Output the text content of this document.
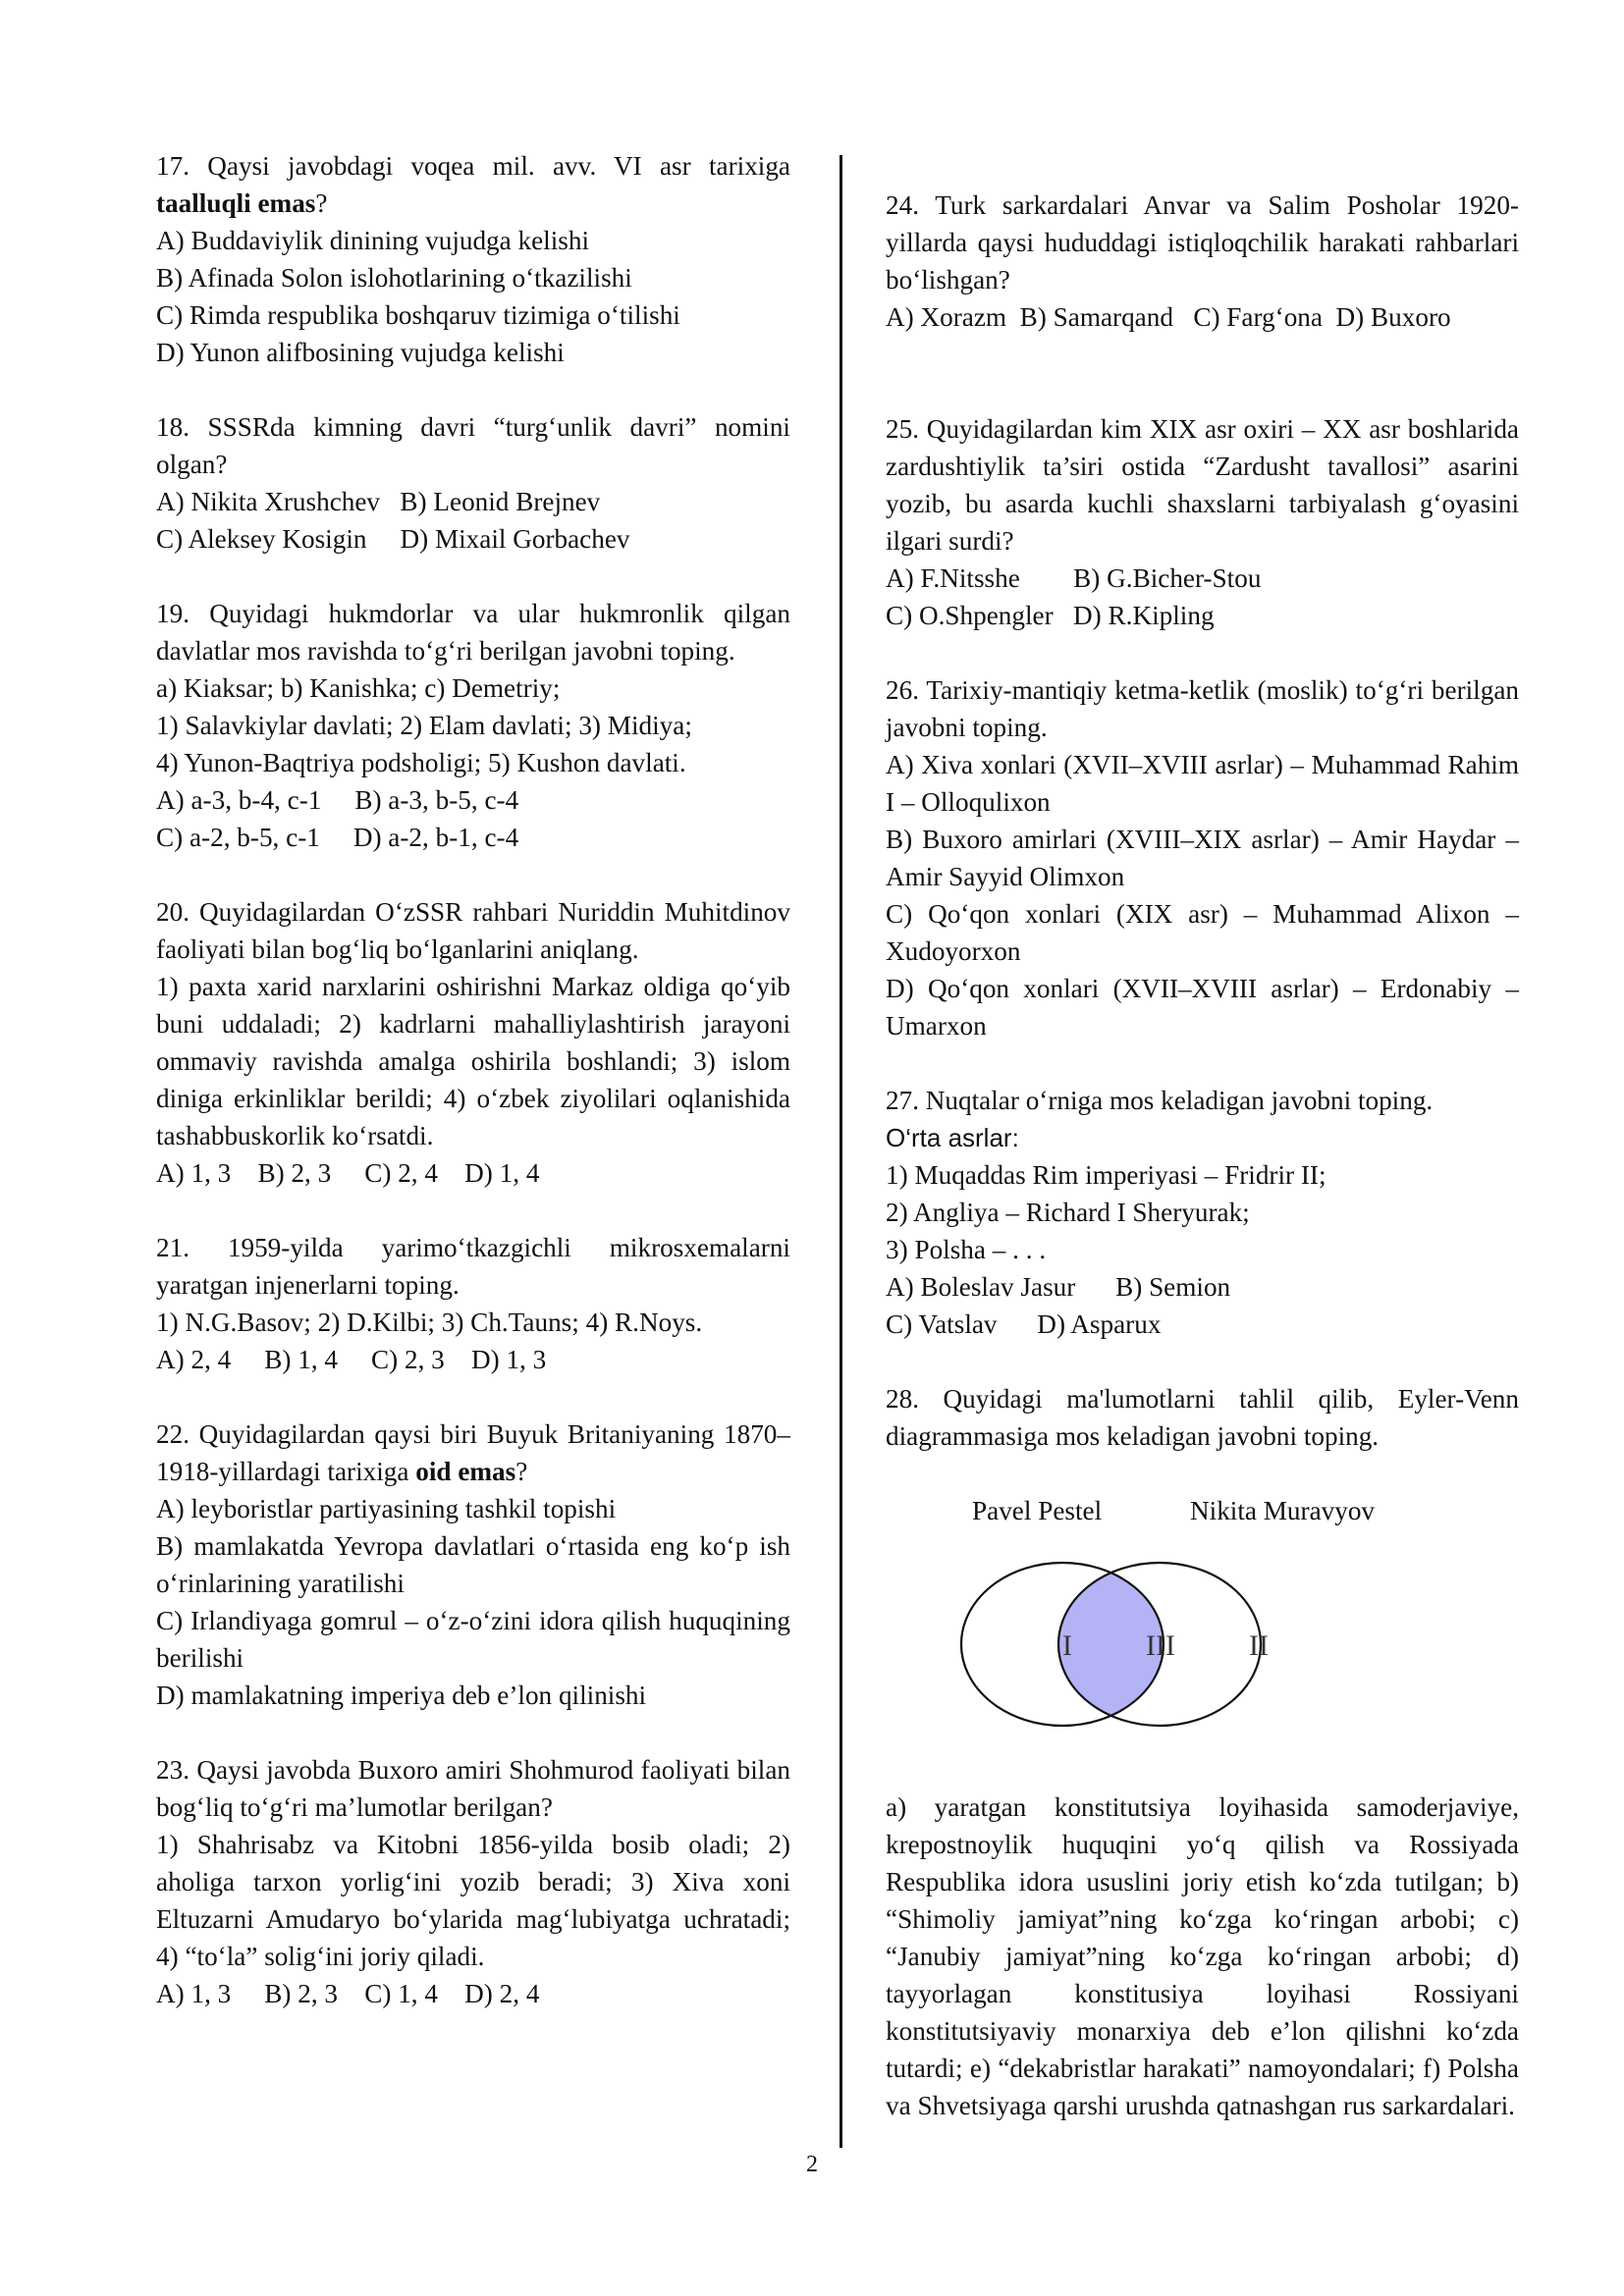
17. Qaysi javobdagi voqea mil. avv. VI asr tarixiga taalluqli emas?

A) Buddaviylik dinining vujudga kelishi
B) Afinada Solon islohotlarining o‘tkazilishi
C) Rimda respublika boshqaruv tizimiga o‘tilishi
D) Yunon alifbosining vujudga kelishi

18. SSSRda kimning davri “turg‘unlik davri” nomini olgan?

A) Nikita Xrushchev   B) Leonid Brejnev
C) Aleksey Kosigin     D) Mixail Gorbachev

19. Quyidagi hukmdorlar va ular hukmronlik qilgan davlatlar mos ravishda to‘g‘ri berilgan javobni toping.

a) Kiaksar; b) Kanishka; c) Demetriy;
1) Salavkiylar davlati; 2) Elam davlati; 3) Midiya;
4) Yunon-Baqtriya podsholigi; 5) Kushon davlati.
A) a-3, b-4, c-1     B) a-3, b-5, c-4
C) a-2, b-5, c-1     D) a-2, b-1, c-4

20. Quyidagilardan O‘zSSR rahbari Nuriddin Muhitdinov faoliyati bilan bog‘liq bo‘lganlarini aniqlang.

1) paxta xarid narxlarini oshirishni Markaz oldiga qo‘yib buni uddaladi; 2) kadrlarni mahalliylashtirish jarayoni ommaviy ravishda amalga oshirila boshlandi; 3) islom diniga erkinliklar berildi; 4) o‘zbek ziyolilari oqlanishida tashabbuskorlik ko‘rsatdi.

A) 1, 3    B) 2, 3     C) 2, 4    D) 1, 4

21. 1959-yilda yarimo‘tkazgichli mikrosxemalarni yaratgan injenerlarni toping.

1) N.G.Basov; 2) D.Kilbi; 3) Ch.Tauns; 4) R.Noys.
A) 2, 4     B) 1, 4     C) 2, 3    D) 1, 3

22. Quyidagilardan qaysi biri Buyuk Britaniyaning 1870–1918-yillardagi tarixiga oid emas?

A) leyboristlar partiyasining tashkil topishi

B) mamlakatda Yevropa davlatlari o‘rtasida eng ko‘p ish o‘rinlarining yaratilishi

C) Irlandiyaga gomrul – o‘z-o‘zini idora qilish huquqining berilishi

D) mamlakatning imperiya deb e’lon qilinishi

23. Qaysi javobda Buxoro amiri Shohmurod faoliyati bilan bog‘liq to‘g‘ri ma’lumotlar berilgan?

1) Shahrisabz va Kitobni 1856-yilda bosib oladi; 2) aholiga tarxon yorlig‘ini yozib beradi; 3) Xiva xoni Eltuzarni Amudaryo bo‘ylarida mag‘lubiyatga uchratadi; 4) “to‘la” solig‘ini joriy qiladi.

A) 1, 3     B) 2, 3    C) 1, 4    D) 2, 4

24. Turk sarkardalari Anvar va Salim Posholar 1920-yillarda qaysi hududdagi istiqloqchilik harakati rahbarlari bo‘lishgan?

A) Xorazm  B) Samarqand   C) Farg‘ona  D) Buxoro

25. Quyidagilardan kim XIX asr oxiri – XX asr boshlarida zardushtiylik ta’siri ostida “Zardusht tavallosi” asarini yozib, bu asarda kuchli shaxslarni tarbiyalash g‘oyasini ilgari surdi?

A) F.Nitsshe        B) G.Bicher-Stou
C) O.Shpengler   D) R.Kipling

26. Tarixiy-mantiqiy ketma-ketlik (moslik) to‘g‘ri berilgan javobni toping.

A) Xiva xonlari (XVII–XVIII asrlar) – Muhammad Rahim I – Olloqulixon

B) Buxoro amirlari (XVIII–XIX asrlar) – Amir Haydar – Amir Sayyid Olimxon

C) Qo‘qon xonlari (XIX asr) – Muhammad Alixon – Xudoyorxon

D) Qo‘qon xonlari (XVII–XVIII asrlar) – Erdonabiy – Umarxon

27. Nuqtalar o‘rniga mos keladigan javobni toping.

O‘rta asrlar:
1) Muqaddas Rim imperiyasi – Fridrir II;
2) Angliya – Richard I Sheryurak;
3) Polsha – . . .
A) Boleslav Jasur      B) Semion
C) Vatslav      D) Asparux

28. Quyidagi ma'lumotlarni tahlil qilib, Eyler-Venn diagrammasiga mos keladigan javobni toping.

Pavel Pestel	Nikita Muravyov
I	III	II

a) yaratgan konstitutsiya loyihasida samoderjaviye, krepostnoylik huquqini yo‘q qilish va Rossiyada Respublika idora ususlini joriy etish ko‘zda tutilgan; b) “Shimoliy jamiyat”ning ko‘zga ko‘ringan arbobi; c) “Janubiy jamiyat”ning ko‘zga ko‘ringan arbobi; d) tayyorlagan konstitusiya loyihasi Rossiyani konstitutsiyaviy monarxiya deb e’lon qilishni ko‘zda tutardi; e) “dekabristlar harakati” namoyondalari; f) Polsha va Shvetsiyaga qarshi urushda qatnashgan rus sarkardalari.

2
